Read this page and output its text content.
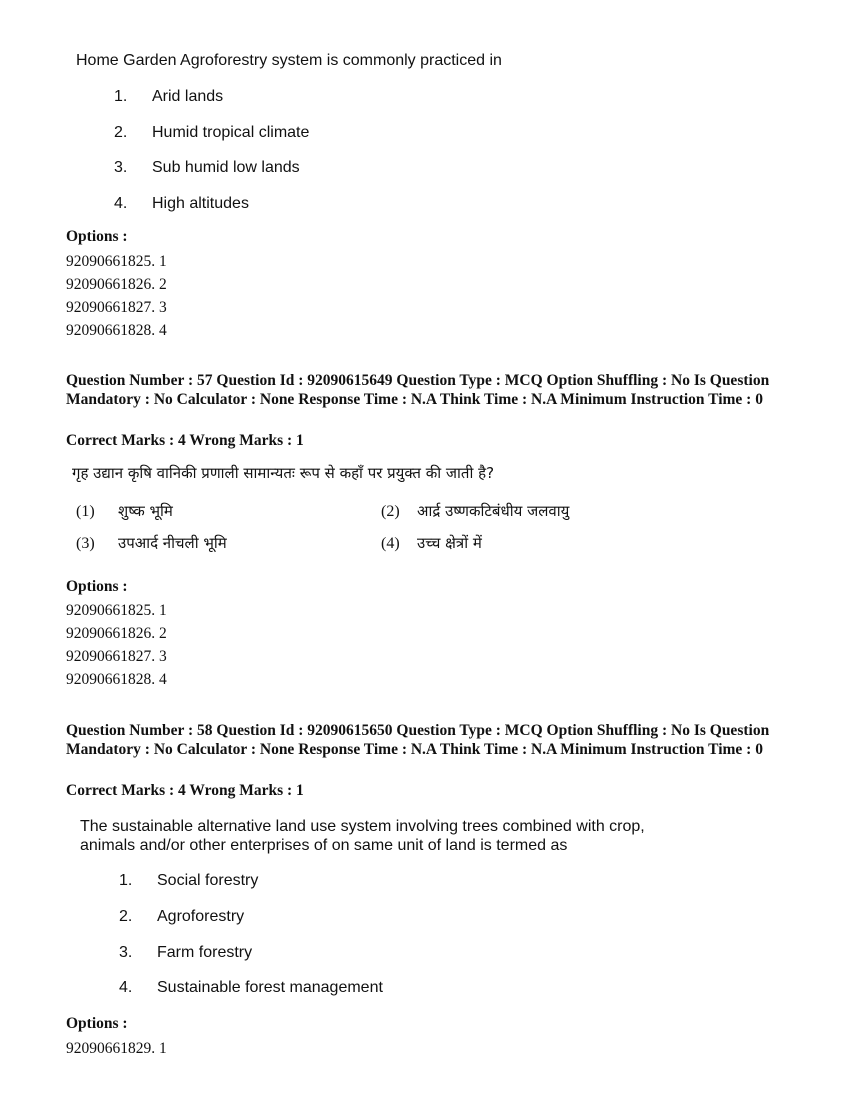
Home Garden Agroforestry system is commonly practiced in
1. Arid lands
2. Humid tropical climate
3. Sub humid low lands
4. High altitudes
Options :
92090661825. 1
92090661826. 2
92090661827. 3
92090661828. 4
Question Number : 57 Question Id : 92090615649 Question Type : MCQ Option Shuffling : No Is Question Mandatory : No Calculator : None Response Time : N.A Think Time : N.A Minimum Instruction Time : 0
Correct Marks : 4 Wrong Marks : 1
गृह उद्यान कृषि वानिकी प्रणाली सामान्यतः रूप से कहाँ पर प्रयुक्त की जाती है?
(1) शुष्क भूमि	(2) आर्द्र उष्णकटिबंधीय जलवायु
(3) उपआर्द नीचली भूमि	(4) उच्च क्षेत्रों में
Options :
92090661825. 1
92090661826. 2
92090661827. 3
92090661828. 4
Question Number : 58 Question Id : 92090615650 Question Type : MCQ Option Shuffling : No Is Question Mandatory : No Calculator : None Response Time : N.A Think Time : N.A Minimum Instruction Time : 0
Correct Marks : 4 Wrong Marks : 1
The sustainable alternative land use system involving trees combined with crop,
animals and/or other enterprises of on same unit of land is termed as
1. Social forestry
2. Agroforestry
3. Farm forestry
4. Sustainable forest management
Options :
92090661829. 1
